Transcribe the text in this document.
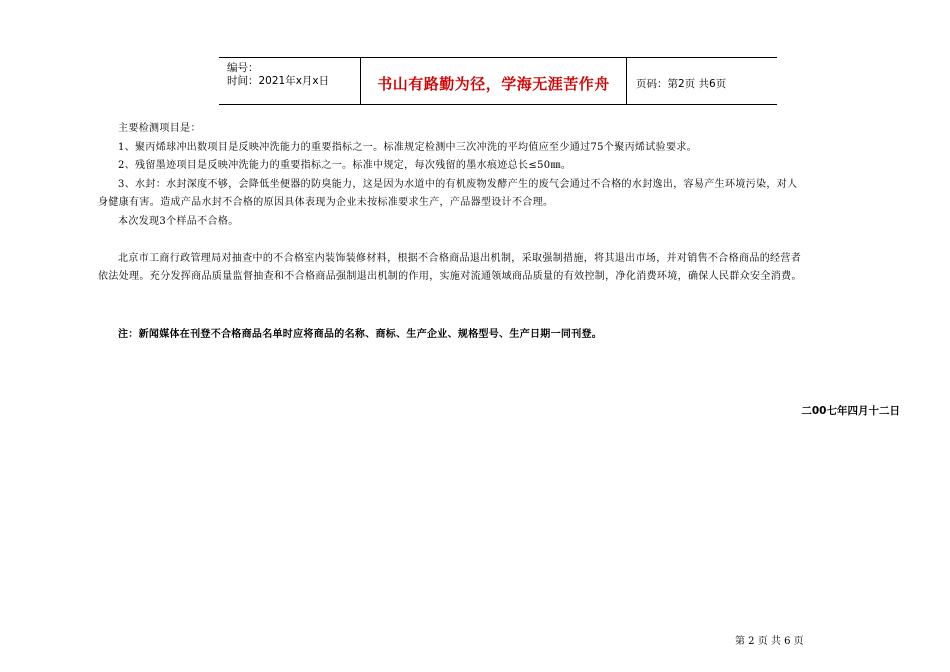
编号：
时间：2021年x月x日	书山有路勤为径，学海无涯苦作舟	页码：第2页 共6页

主要检测项目是：

1、聚丙烯球冲出数项目是反映冲洗能力的重要指标之一。标准规定检测中三次冲洗的平均值应至少通过75个聚丙烯试验要求。

2、残留墨迹项目是反映冲洗能力的重要指标之一。标准中规定，每次残留的墨水痕迹总长≤50㎜。

3、水封：水封深度不够，会降低坐便器的防臭能力，这是因为水道中的有机废物发酵产生的废气会通过不合格的水封逸出，容易产生环境污染，对人

身健康有害。造成产品水封不合格的原因具体表现为企业未按标准要求生产，产品器型设计不合理。

本次发现3个样品不合格。

北京市工商行政管理局对抽查中的不合格室内装饰装修材料，根据不合格商品退出机制，采取强制措施，将其退出市场，并对销售不合格商品的经营者

依法处理。充分发挥商品质量监督抽查和不合格商品强制退出机制的作用，实施对流通领域商品质量的有效控制，净化消费环境，确保人民群众安全消费。

注：新闻媒体在刊登不合格商品名单时应将商品的名称、商标、生产企业、规格型号、生产日期一同刊登。
二00七年四月十二日
第 2 页 共 6 页
